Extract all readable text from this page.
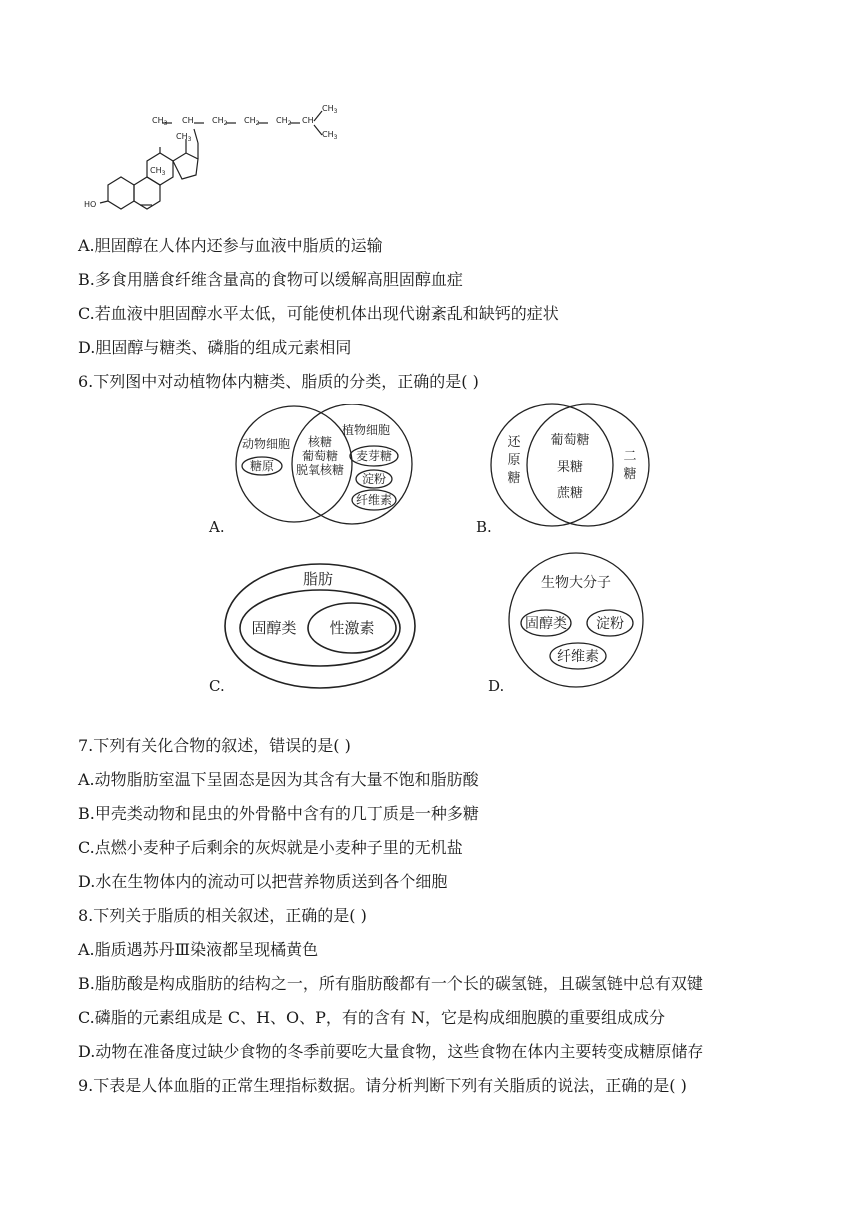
$CH_3$ CH $CH_2$ $CH_2$ $CH_2$ CH
$CH_3$
$CH_3$
$CH_3$
$CH_3$
HO
A.胆固醇在人体内还参与血液中脂质的运输
B.多食用膳食纤维含量高的食物可以缓解高胆固醇血症
C.若血液中胆固醇水平太低，可能使机体出现代谢紊乱和缺钙的症状
D.胆固醇与糖类、磷脂的组成元素相同
6.下列图中对动植物体内糖类、脂质的分类，正确的是( )
动物细胞
糖原
核糖
葡萄糖
脱氧核糖
植物细胞
麦芽糖
淀粉
纤维素
A.
还
原
糖
葡萄糖
果糖
蔗糖
二
糖
B.
脂肪
固醇类 性激素
C.
生物大分子
固醇类 淀粉
纤维素
D.
7.下列有关化合物的叙述，错误的是( )
A.动物脂肪室温下呈固态是因为其含有大量不饱和脂肪酸
B.甲壳类动物和昆虫的外骨骼中含有的几丁质是一种多糖
C.点燃小麦种子后剩余的灰烬就是小麦种子里的无机盐
D.水在生物体内的流动可以把营养物质送到各个细胞
8.下列关于脂质的相关叙述，正确的是( )
A.脂质遇苏丹Ⅲ染液都呈现橘黄色
B.脂肪酸是构成脂肪的结构之一，所有脂肪酸都有一个长的碳氢链，且碳氢链中总有双键
C.磷脂的元素组成是 C、H、O、P，有的含有 N，它是构成细胞膜的重要组成成分
D.动物在准备度过缺少食物的冬季前要吃大量食物，这些食物在体内主要转变成糖原储存
9.下表是人体血脂的正常生理指标数据。请分析判断下列有关脂质的说法，正确的是( )
